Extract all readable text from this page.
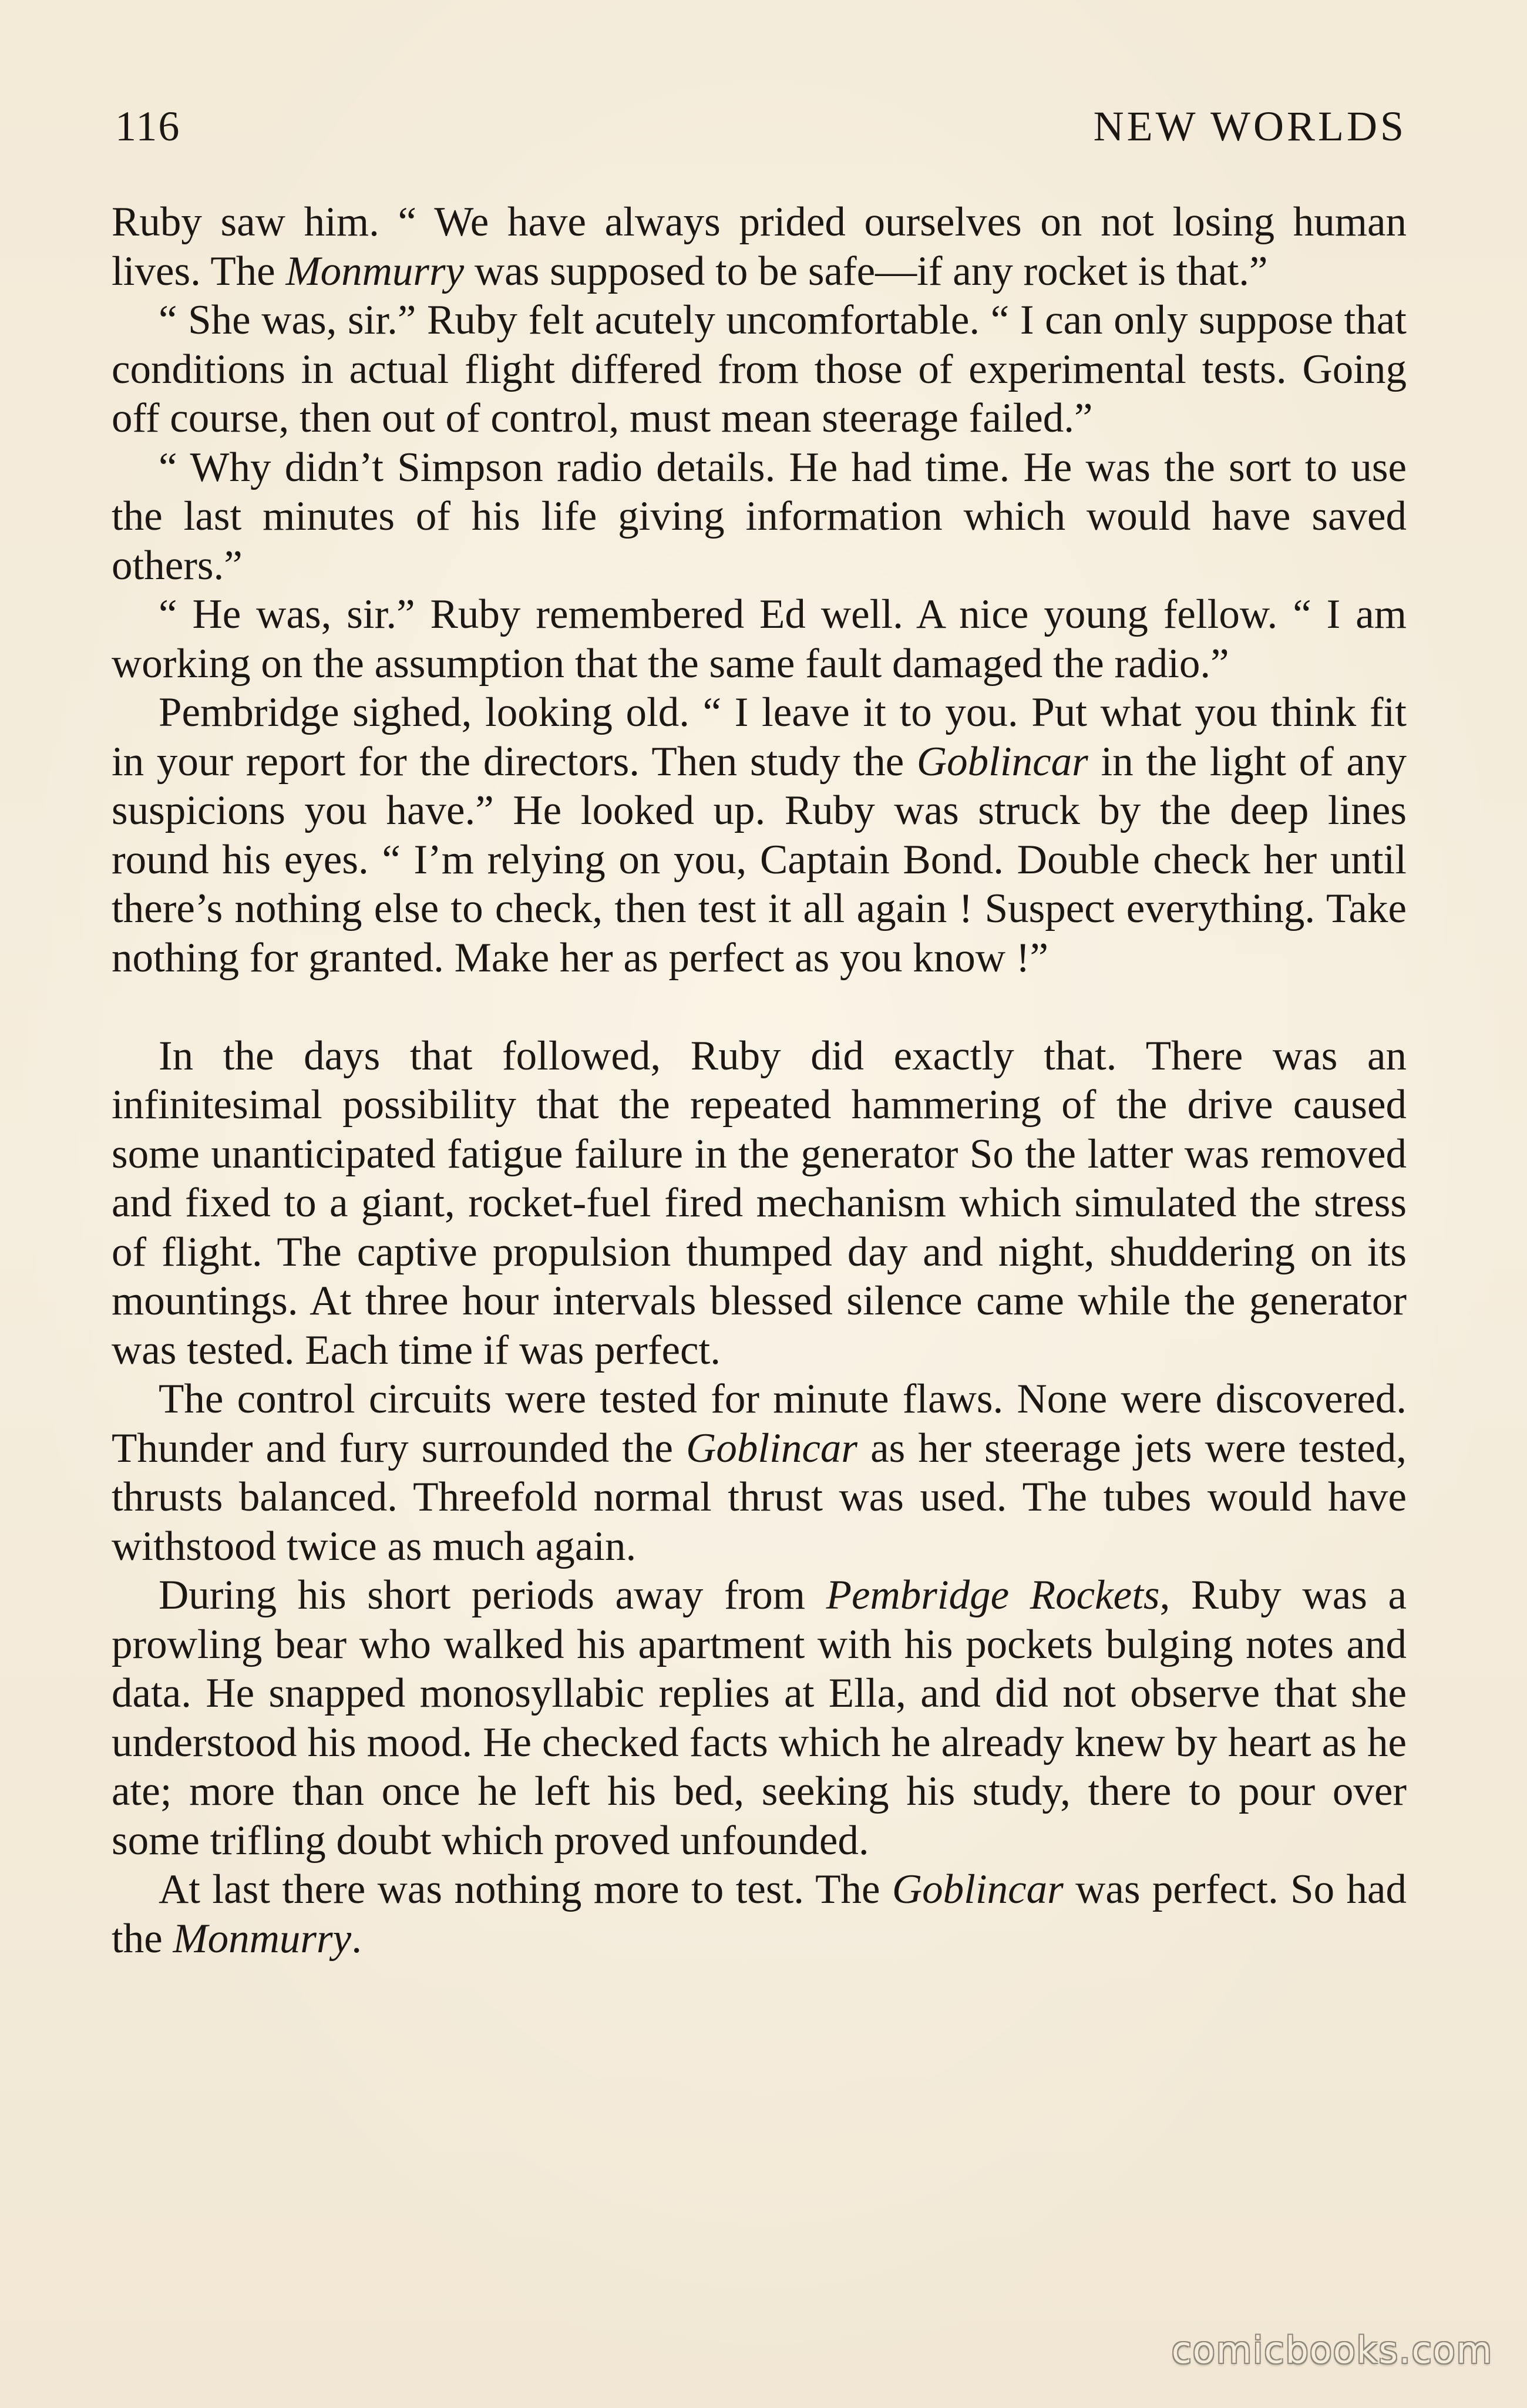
116	NEW WORLDS

Ruby saw him. “ We have always prided ourselves on not losing human lives. The Monmurry was supposed to be safe—if any rocket is that.”

“ She was, sir.” Ruby felt acutely uncomfortable. “ I can only suppose that conditions in actual flight differed from those of experimental tests. Going off course, then out of control, must mean steerage failed.”

“ Why didn’t Simpson radio details. He had time. He was the sort to use the last minutes of his life giving information which would have saved others.”

“ He was, sir.” Ruby remembered Ed well. A nice young fellow. “ I am working on the assumption that the same fault damaged the radio.”

Pembridge sighed, looking old. “ I leave it to you. Put what you think fit in your report for the directors. Then study the Goblincar in the light of any suspicions you have.” He looked up. Ruby was struck by the deep lines round his eyes. “ I’m relying on you, Captain Bond. Double check her until there’s nothing else to check, then test it all again ! Suspect everything. Take nothing for granted. Make her as perfect as you know !”

In the days that followed, Ruby did exactly that. There was an infinitesimal possibility that the repeated hammering of the drive caused some unanticipated fatigue failure in the generator So the latter was removed and fixed to a giant, rocket-fuel fired mechanism which simulated the stress of flight. The captive propulsion thumped day and night, shuddering on its mountings. At three hour intervals blessed silence came while the generator was tested. Each time if was perfect.

The control circuits were tested for minute flaws. None were discovered. Thunder and fury surrounded the Goblincar as her steerage jets were tested, thrusts balanced. Threefold normal thrust was used. The tubes would have withstood twice as much again.

During his short periods away from Pembridge Rockets, Ruby was a prowling bear who walked his apartment with his pockets bulging notes and data. He snapped monosyllabic replies at Ella, and did not observe that she understood his mood. He checked facts which he already knew by heart as he ate; more than once he left his bed, seeking his study, there to pour over some trifling doubt which proved unfounded.

At last there was nothing more to test. The Goblincar was perfect. So had the Monmurry.

comicbooks.com
